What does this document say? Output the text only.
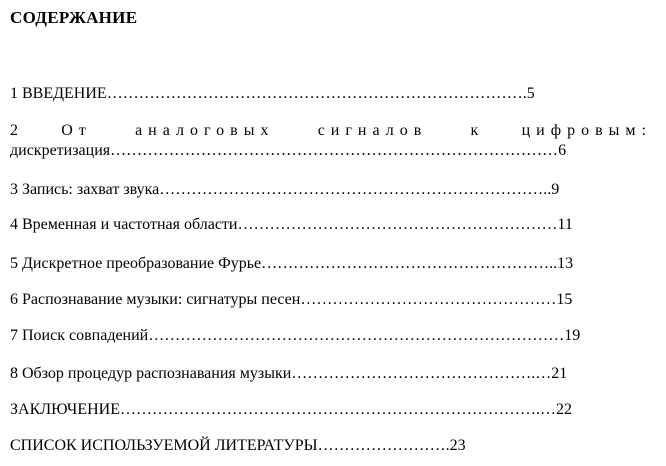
СОДЕРЖАНИЕ
1 ВВЕДЕНИЕ…………………………………………………………………….5
2	От	аналоговых	сигналов	к	цифровым:
дискретизация…………………………………………………………………………6
3 Запись: захват звука………………………………………………………………..9
4 Временная и частотная области……………………………………………………11
5 Дискретное преобразование Фурье………………………………………………..13
6 Распознавание музыки: сигнатуры песен…………………………………………15
7 Поиск совпадений……………………………………………………………………19
8 Обзор процедур распознавания музыки……………………………………….…21
ЗАКЛЮЧЕНИЕ…………………………………………………………………….…22
СПИСОК ИСПОЛЬЗУЕМОЙ ЛИТЕРАТУРЫ…………………….23
